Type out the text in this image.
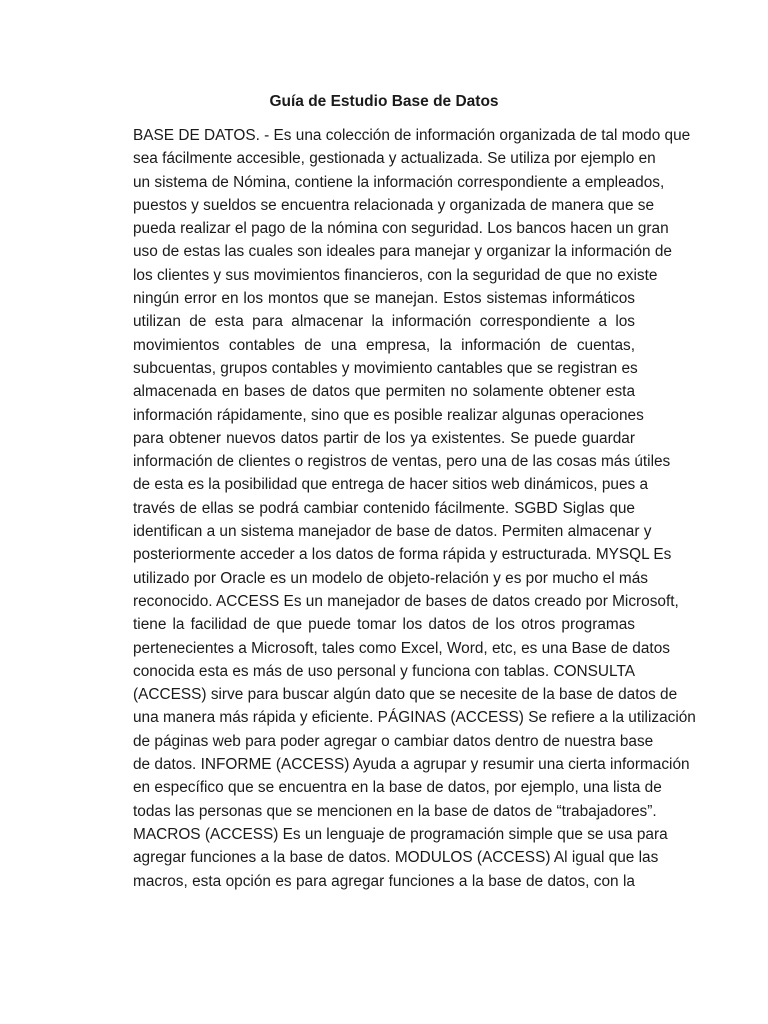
Guía de Estudio Base de Datos
BASE DE DATOS. - Es una colección de información organizada de tal modo que
sea fácilmente accesible, gestionada y actualizada. Se utiliza por ejemplo en
un sistema de Nómina, contiene la información correspondiente a empleados,
puestos y sueldos se encuentra relacionada y organizada de manera que se
pueda realizar el pago de la nómina con seguridad. Los bancos hacen un gran
uso de estas las cuales son ideales para manejar y organizar la información de
los clientes y sus movimientos financieros, con la seguridad de que no existe
ningún error en los montos que se manejan. Estos sistemas informáticos
utilizan de esta para almacenar la información correspondiente a los
movimientos contables de una empresa, la información de cuentas,
subcuentas, grupos contables y movimiento cantables que se registran es
almacenada en bases de datos que permiten no solamente obtener esta
información rápidamente, sino que es posible realizar algunas operaciones
para obtener nuevos datos partir de los ya existentes. Se puede guardar
información de clientes o registros de ventas, pero una de las cosas más útiles
de esta es la posibilidad que entrega de hacer sitios web dinámicos, pues a
través de ellas se podrá cambiar contenido fácilmente. SGBD Siglas que
identifican a un sistema manejador de base de datos. Permiten almacenar y
posteriormente acceder a los datos de forma rápida y estructurada. MYSQL Es
utilizado por Oracle es un modelo de objeto-relación y es por mucho el más
reconocido. ACCESS Es un manejador de bases de datos creado por Microsoft,
tiene la facilidad de que puede tomar los datos de los otros programas
pertenecientes a Microsoft, tales como Excel, Word, etc, es una Base de datos
conocida esta es más de uso personal y funciona con tablas. CONSULTA
(ACCESS) sirve para buscar algún dato que se necesite de la base de datos de
una manera más rápida y eficiente. PÁGINAS (ACCESS) Se refiere a la utilización
de páginas web para poder agregar o cambiar datos dentro de nuestra base
de datos. INFORME (ACCESS) Ayuda a agrupar y resumir una cierta información
en específico que se encuentra en la base de datos, por ejemplo, una lista de
todas las personas que se mencionen en la base de datos de “trabajadores”.
MACROS (ACCESS) Es un lenguaje de programación simple que se usa para
agregar funciones a la base de datos. MODULOS (ACCESS) Al igual que las
macros, esta opción es para agregar funciones a la base de datos, con la
